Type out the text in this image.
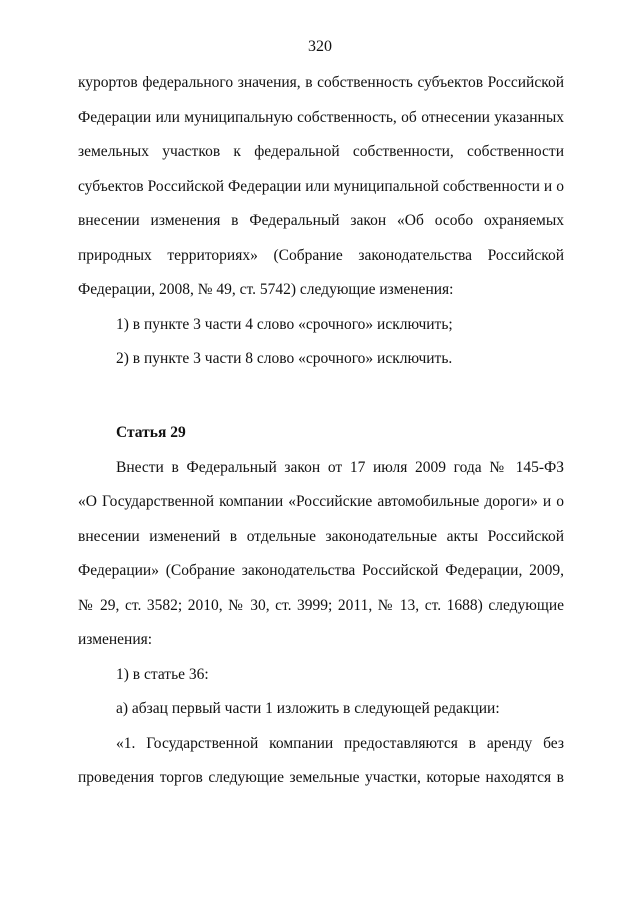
320
курортов федерального значения, в собственность субъектов Российской
Федерации или муниципальную собственность, об отнесении указанных
земельных участков к федеральной собственности, собственности
субъектов Российской Федерации или муниципальной собственности и о
внесении изменения в Федеральный закон «Об особо охраняемых
природных территориях» (Собрание законодательства Российской
Федерации, 2008, № 49, ст. 5742) следующие изменения:
1) в пункте 3 части 4 слово «срочного» исключить;
2) в пункте 3 части 8 слово «срочного» исключить.
Статья 29
Внести в Федеральный закон от 17 июля 2009 года № 145-ФЗ
«О Государственной компании «Российские автомобильные дороги» и о
внесении изменений в отдельные законодательные акты Российской
Федерации» (Собрание законодательства Российской Федерации, 2009,
№ 29, ст. 3582; 2010, № 30, ст. 3999; 2011, № 13, ст. 1688) следующие
изменения:
1) в статье 36:
а) абзац первый части 1 изложить в следующей редакции:
«1. Государственной компании предоставляются в аренду без
проведения торгов следующие земельные участки, которые находятся в
